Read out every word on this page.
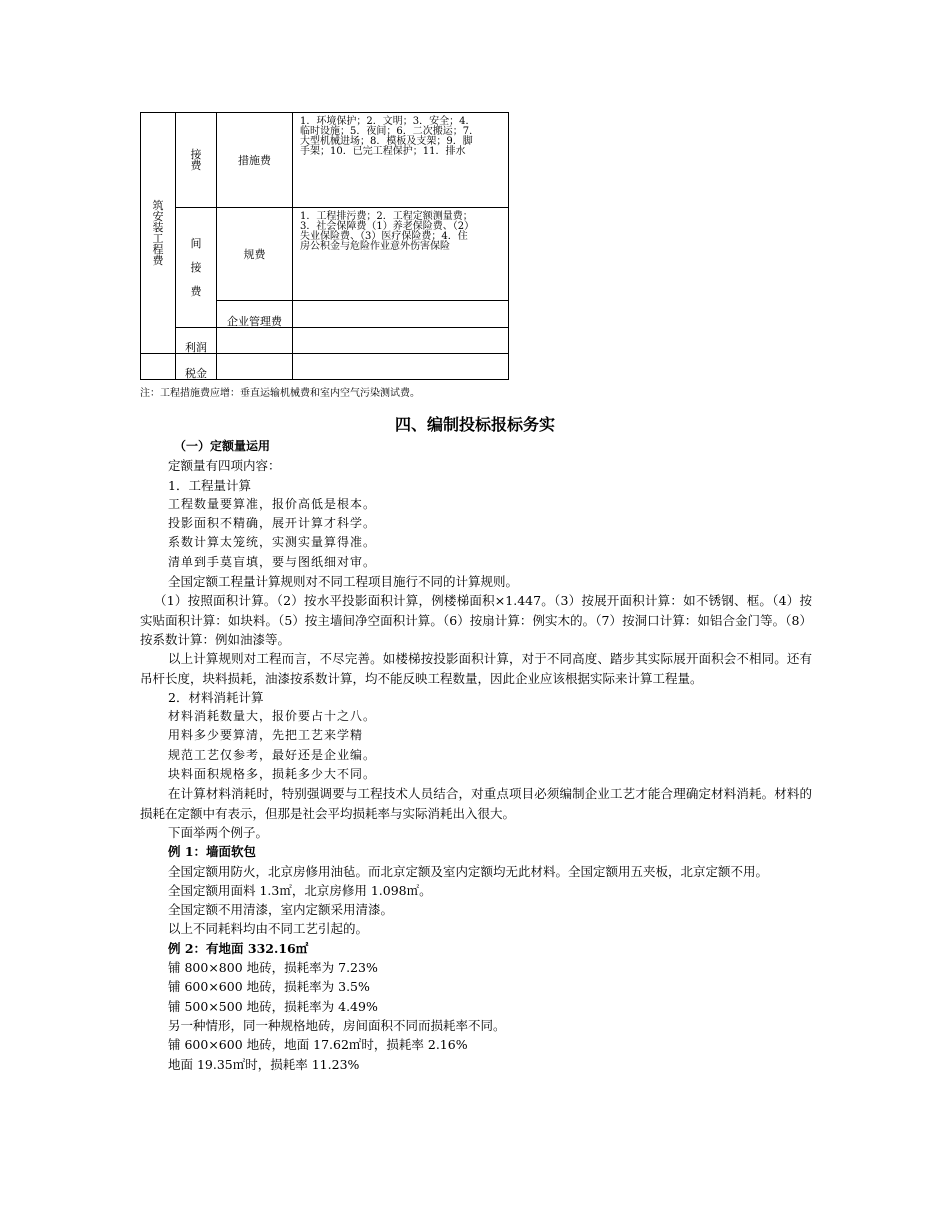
筑安装工程费	接费	措施费	1．环境保护；2．文明；3．安全；4．
临时设施；5．夜间；6．二次搬运；7．
大型机械进场；8．模板及支架；9．脚
手架；10．已完工程保护；11．排水

	间接费	规费	1．工程排污费；2．工程定额测量费；
3．社会保障费（1）养老保险费、（2）
失业保险费、（3）医疗保险费；4．住
房公积金与危险作业意外伤害保险

		企业管理费	
	利润		
	税金		
注：工程措施费应增：垂直运输机械费和室内空气污染测试费。
四、编制投标报标务实

（一）定额量运用

定额量有四项内容：

1．工程量计算

工程数量要算准，报价高低是根本。

投影面积不精确，展开计算才科学。

系数计算太笼统，实测实量算得准。

清单到手莫盲填，要与图纸细对审。

全国定额工程量计算规则对不同工程项目施行不同的计算规则。

（1）按照面积计算。（2）按水平投影面积计算，例楼梯面积×1.447。（3）按展开面积计算：如不锈钢、框。（4）按实贴面积计算：如块料。（5）按主墙间净空面积计算。（6）按扇计算：例实木的。（7）按洞口计算：如铝合金门等。（8）按系数计算：例如油漆等。

以上计算规则对工程而言，不尽完善。如楼梯按投影面积计算，对于不同高度、踏步其实际展开面积会不相同。还有吊杆长度，块料损耗，油漆按系数计算，均不能反映工程数量，因此企业应该根据实际来计算工程量。

2．材料消耗计算

材料消耗数量大，报价要占十之八。

用料多少要算清，先把工艺来学精

规范工艺仅参考，最好还是企业编。

块料面积规格多，损耗多少大不同。

在计算材料消耗时，特别强调要与工程技术人员结合，对重点项目必须编制企业工艺才能合理确定材料消耗。材料的损耗在定额中有表示，但那是社会平均损耗率与实际消耗出入很大。

下面举两个例子。

例 1：墙面软包

全国定额用防火，北京房修用油毡。而北京定额及室内定额均无此材料。全国定额用五夹板，北京定额不用。

全国定额用面料 1.3㎡，北京房修用 1.098㎡。

全国定额不用清漆，室内定额采用清漆。

以上不同耗料均由不同工艺引起的。

例 2：有地面 332.16㎡

铺 800×800 地砖，损耗率为 7.23%

铺 600×600 地砖，损耗率为 3.5%

铺 500×500 地砖，损耗率为 4.49%

另一种情形，同一种规格地砖，房间面积不同而损耗率不同。

铺 600×600 地砖，地面 17.62㎡时，损耗率 2.16%

地面 19.35㎡时，损耗率 11.23%
